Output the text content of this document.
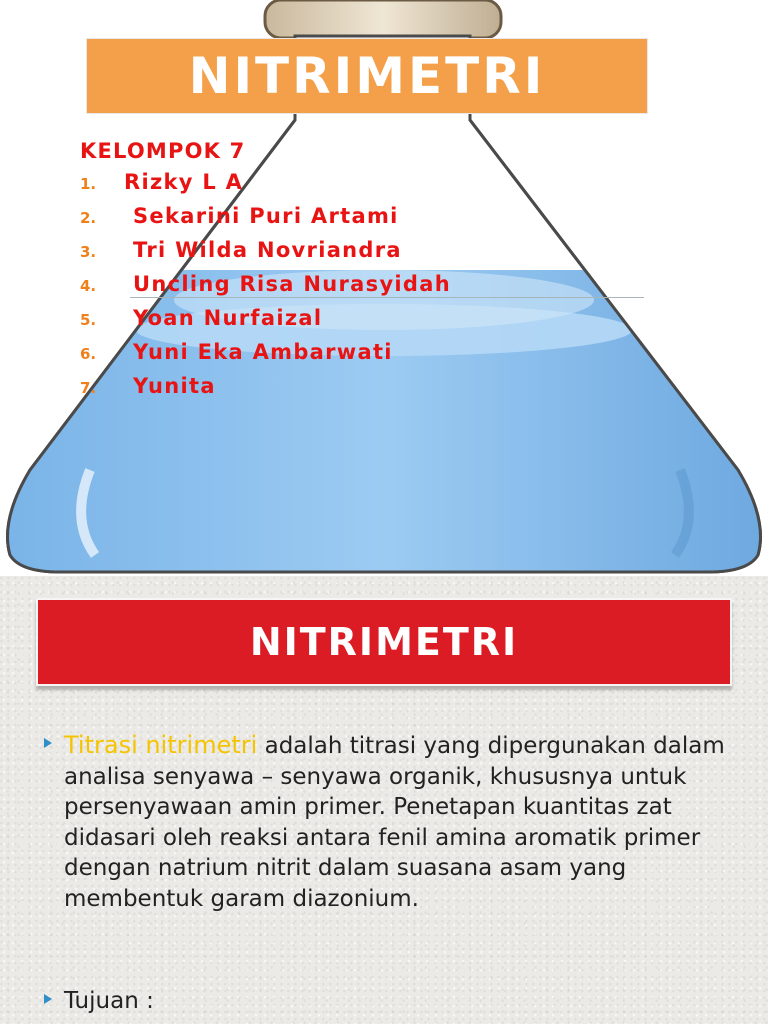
NITRIMETRI

KELOMPOK 7

1.	Rizky L A
2.	Sekarini Puri Artami
3.	Tri Wilda Novriandra
4.	Uncling Risa Nurasyidah
5.	Yoan Nurfaizal
6.	Yuni Eka Ambarwati
7.	Yunita
NITRIMETRI

Titrasi nitrimetri adalah titrasi yang dipergunakan dalam analisa senyawa – senyawa organik, khususnya untuk persenyawaan amin primer. Penetapan kuantitas zat didasari oleh reaksi antara fenil amina aromatik primer dengan natrium nitrit dalam suasana asam yang membentuk garam diazonium.

Tujuan :
